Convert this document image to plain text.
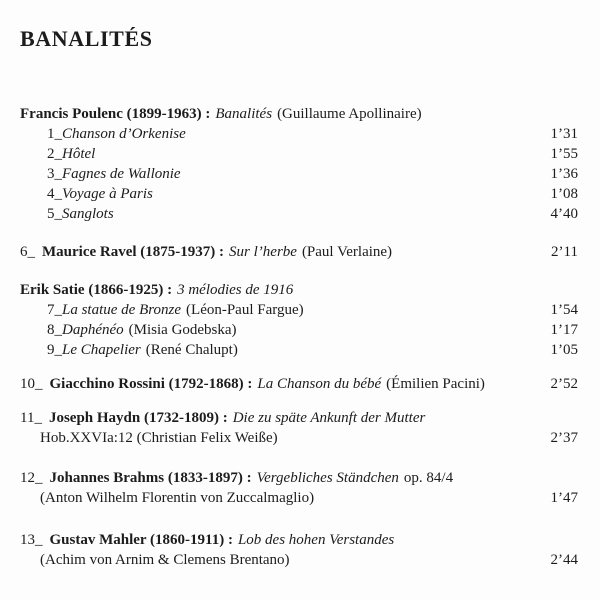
BANALITÉS
Francis Poulenc (1899-1963) : Banalités (Guillaume Apollinaire)
1_Chanson d’Orkenise	1’31
2_Hôtel	1’55
3_Fagnes de Wallonie	1’36
4_Voyage à Paris	1’08
5_Sanglots	4’40
6_ Maurice Ravel (1875-1937) : Sur l’herbe (Paul Verlaine)	2’11
Erik Satie (1866-1925) : 3 mélodies de 1916
7_La statue de Bronze (Léon-Paul Fargue)	1’54
8_Daphénéo (Misia Godebska)	1’17
9_Le Chapelier (René Chalupt)	1’05
10_ Giacchino Rossini (1792-1868) : La Chanson du bébé (Émilien Pacini)	2’52
11_ Joseph Haydn (1732-1809) : Die zu späte Ankunft der Mutter
Hob.XXVIa:12 (Christian Felix Weiße)	2’37
12_ Johannes Brahms (1833-1897) : Vergebliches Ständchen op. 84/4
(Anton Wilhelm Florentin von Zuccalmaglio)	1’47
13_ Gustav Mahler (1860-1911) : Lob des hohen Verstandes
(Achim von Arnim & Clemens Brentano)	2’44
